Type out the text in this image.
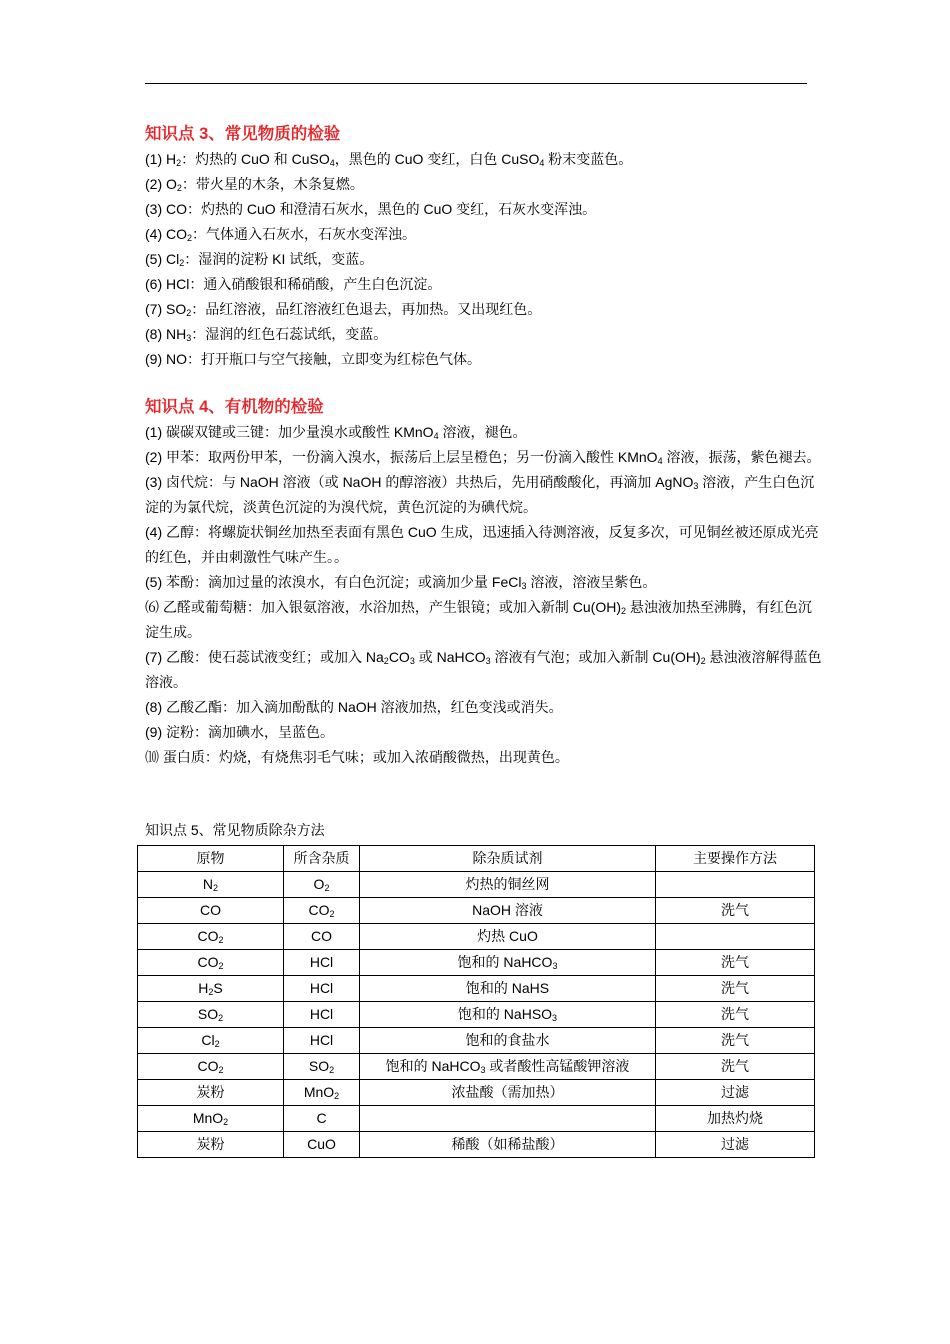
知识点 3、常见物质的检验

(1) $H_2$：灼热的 CuO 和 CuSO$_4$，黑色的 CuO 变红，白色 CuSO$_4$ 粉末变蓝色。

(2) $O_2$：带火星的木条，木条复燃。

(3) CO：灼热的 CuO 和澄清石灰水，黑色的 CuO 变红，石灰水变浑浊。

(4) $CO_2$：气体通入石灰水，石灰水变浑浊。

(5) $Cl_2$：湿润的淀粉 KI 试纸，变蓝。

(6) HCl：通入硝酸银和稀硝酸，产生白色沉淀。

(7) $SO_2$：品红溶液，品红溶液红色退去，再加热。又出现红色。

(8) $NH_3$：湿润的红色石蕊试纸，变蓝。

(9) NO：打开瓶口与空气接触，立即变为红棕色气体。

知识点 4、有机物的检验

(1) 碳碳双键或三键：加少量溴水或酸性 KMnO$_4$ 溶液，褪色。

(2) 甲苯：取两份甲苯，一份滴入溴水，振荡后上层呈橙色；另一份滴入酸性 KMnO$_4$ 溶液，振荡，紫色褪去。

(3) 卤代烷：与 NaOH 溶液（或 NaOH 的醇溶液）共热后，先用硝酸酸化，再滴加 AgNO$_3$ 溶液，产生白色沉淀的为氯代烷，淡黄色沉淀的为溴代烷，黄色沉淀的为碘代烷。

(4) 乙醇：将螺旋状铜丝加热至表面有黑色 CuO 生成，迅速插入待测溶液，反复多次，可见铜丝被还原成光亮的红色，并由刺激性气味产生。。

(5) 苯酚：滴加过量的浓溴水，有白色沉淀；或滴加少量 FeCl$_3$ 溶液，溶液呈紫色。

⑹ 乙醛或葡萄糖：加入银氨溶液，水浴加热，产生银镜；或加入新制 $Cu(OH)_2$ 悬浊液加热至沸腾，有红色沉淀生成。

(7) 乙酸：使石蕊试液变红；或加入 $Na_2CO_3$ 或 NaHCO$_3$ 溶液有气泡；或加入新制 $Cu(OH)_2$ 悬浊液溶解得蓝色溶液。

(8) 乙酸乙酯：加入滴加酚酞的 NaOH 溶液加热，红色变浅或消失。

(9) 淀粉：滴加碘水，呈蓝色。

⑽ 蛋白质：灼烧，有烧焦羽毛气味；或加入浓硝酸微热，出现黄色。

知识点 5、常见物质除杂方法
原物	所含杂质	除杂质试剂	主要操作方法
$N_2$	$O_2$	灼热的铜丝网	
CO	$CO_2$	NaOH 溶液	洗气
$CO_2$	CO	灼热 CuO	
$CO_2$	HCl	饱和的 NaHCO$_3$	洗气
$H_2S$	HCl	饱和的 NaHS	洗气
$SO_2$	HCl	饱和的 NaHSO$_3$	洗气
$Cl_2$	HCl	饱和的食盐水	洗气
$CO_2$	$SO_2$	饱和的 NaHCO$_3$ 或者酸性高锰酸钾溶液	洗气
炭粉	MnO$_2$	浓盐酸（需加热）	过滤
MnO$_2$	C		加热灼烧
炭粉	CuO	稀酸（如稀盐酸）	过滤
